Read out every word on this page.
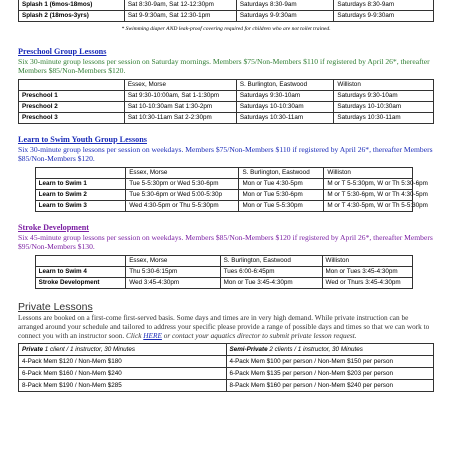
Splash 1 (6mos-18mos)	Sat 8:30-9am, Sat 12-12:30pm	Saturdays 8:30-9am	Saturdays 8:30-9am
Splash 2 (18mos-3yrs)	Sat 9-9:30am, Sat 12:30-1pm	Saturdays 9-9:30am	Saturdays 9-9:30am

* Swimming diaper AND leak-proof covering required for children who are not toilet trained.

Preschool Group Lessons

Six 30-minute group lessons per session on Saturday mornings. Members $75/Non-Members $110 if registered by April 26*, thereafter Members $85/Non-Members $120.

	Essex, Morse	S. Burlington, Eastwood	Williston
Preschool 1	Sat 9:30-10:00am, Sat 1-1:30pm	Saturdays 9:30-10am	Saturdays 9:30-10am
Preschool 2	Sat 10-10:30am Sat 1:30-2pm	Saturdays 10-10:30am	Saturdays 10-10:30am
Preschool 3	Sat 10:30-11am Sat 2-2:30pm	Saturdays 10:30-11am	Saturdays 10:30-11am

Learn to Swim Youth Group Lessons

Six 30-minute group lessons per session on weekdays. Members $75/Non-Members $110 if registered by April 26*, thereafter Members $85/Non-Members $120.

	Essex, Morse	S. Burlington, Eastwood	Williston
Learn to Swim 1	Tue 5-5:30pm or Wed 5:30-6pm	Mon or Tue 4:30-5pm	M or T 5-5:30pm, W or Th 5:30-6pm
Learn to Swim 2	Tue 5:30-6pm or Wed 5:00-5:30p	Mon or Tue 5:30-6pm	M or T 5:30-6pm, W or Th 4:30-5pm
Learn to Swim 3	Wed 4:30-5pm or Thu 5-5:30pm	Mon or Tue 5-5:30pm	M or T 4:30-5pm, W or Th 5-5:30pm

Stroke Development

Six 45-minute group lessons per session on weekdays. Members $85/Non-Members $120 if registered by April 26*, thereafter Members $95/Non-Members $130.

	Essex, Morse	S. Burlington, Eastwood	Williston
Learn to Swim 4	Thu 5:30-6:15pm	Tues 6:00-6:45pm	Mon or Tues 3:45-4:30pm
Stroke Development	Wed 3:45-4:30pm	Mon or Tue 3:45-4:30pm	Wed or Thurs 3:45-4:30pm

Private Lessons

Lessons are booked on a first-come first-served basis. Some days and times are in very high demand. While private instruction can be arranged around your schedule and tailored to address your specific please provide a range of possible days and times so that we can work to connect you with an instructor soon. Click HERE or contact your aquatics director to submit private lesson request.

Private 1 client / 1 instructor, 30 Minutes	Semi-Private 2 clients / 1 instructor, 30 Minutes
4-Pack Mem $120 / Non-Mem $180	4-Pack Mem $100 per person / Non-Mem $150 per person
6-Pack Mem $160 / Non-Mem $240	6-Pack Mem $135 per person / Non-Mem $203 per person
8-Pack Mem $190 / Non-Mem $285	8-Pack Mem $160 per person / Non-Mem $240 per person
